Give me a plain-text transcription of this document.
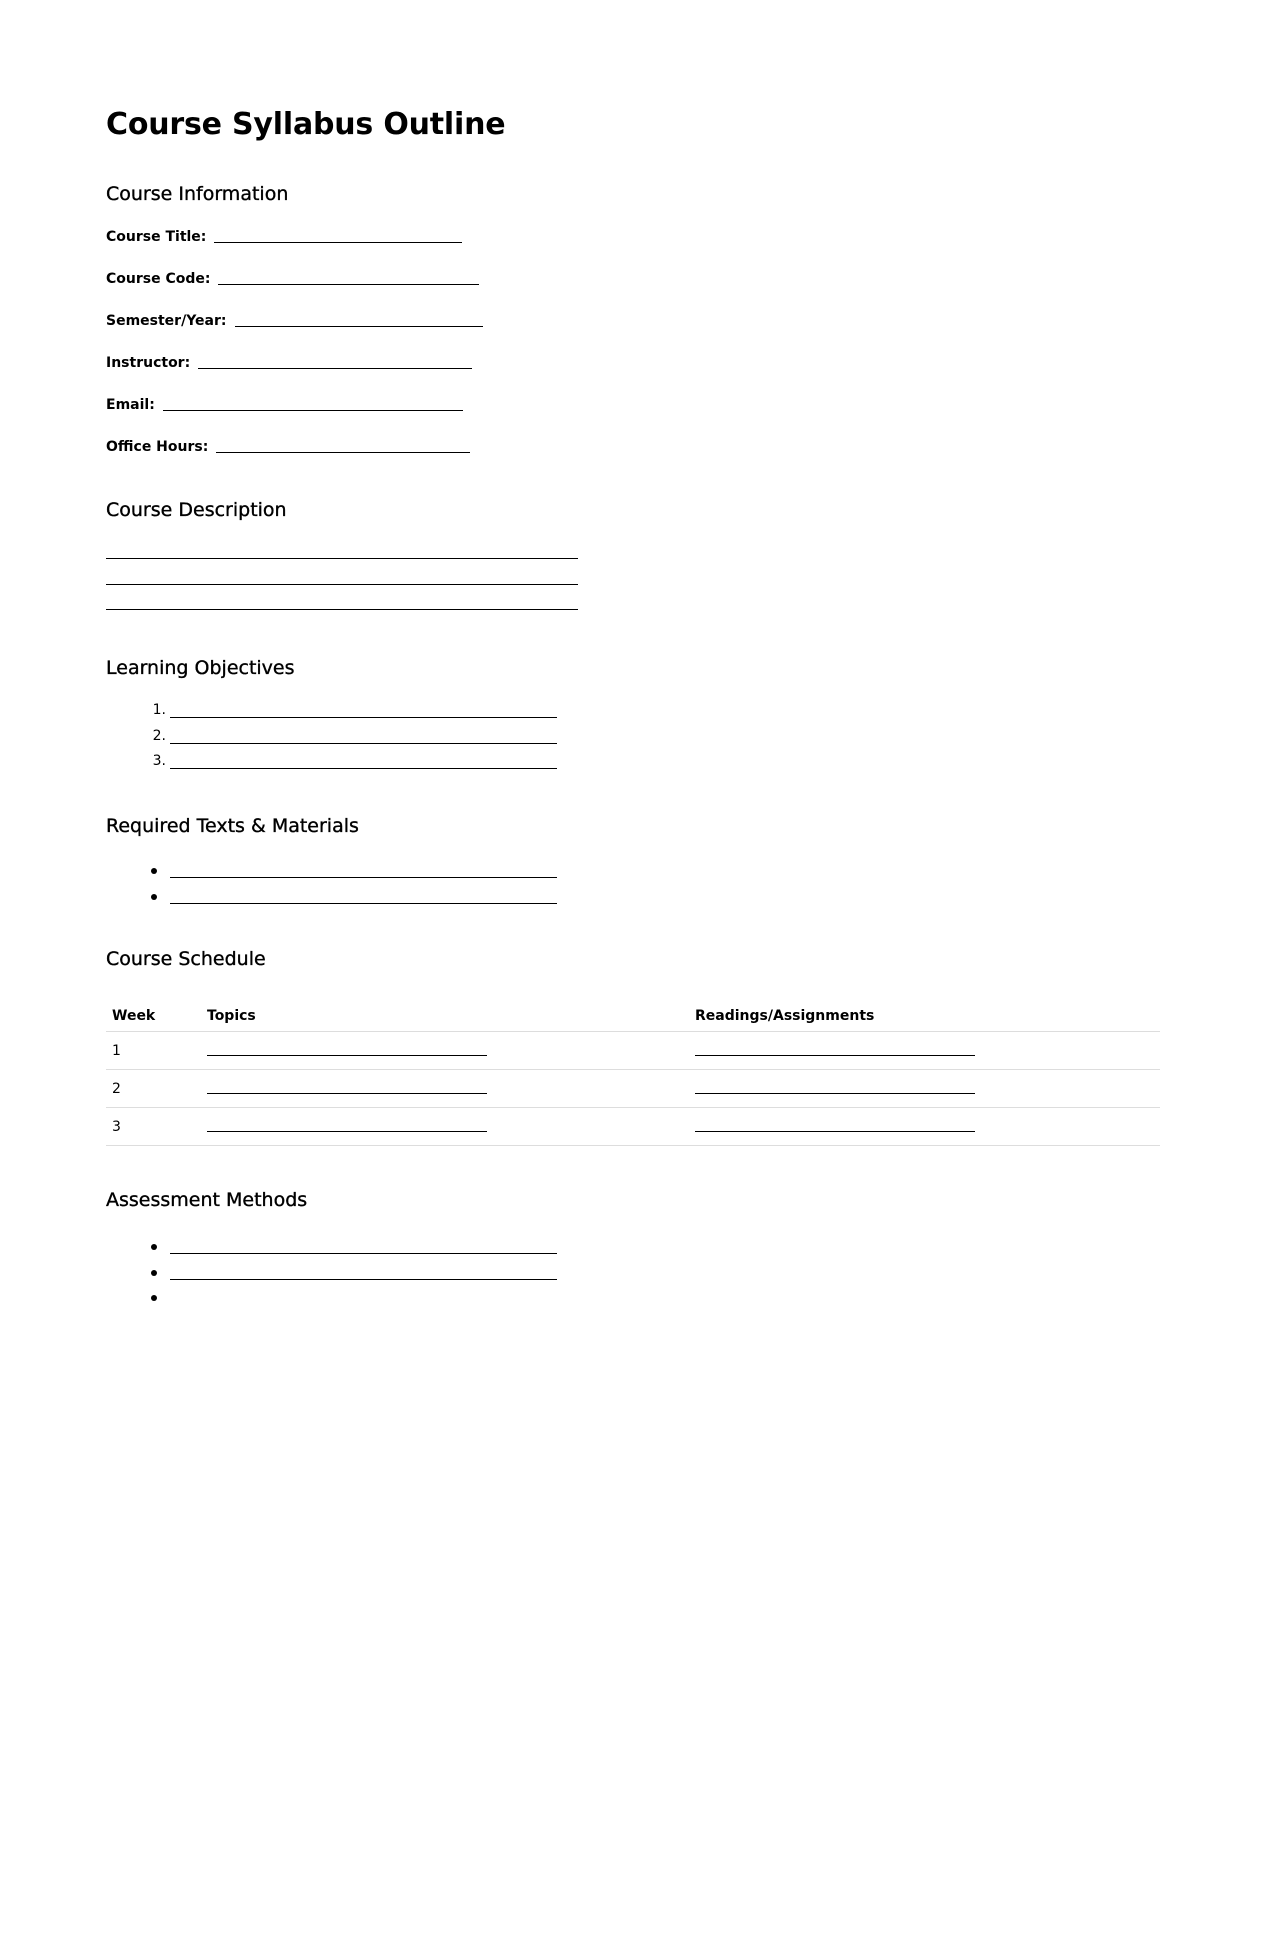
Course Syllabus Outline
Course Information
Course Title:
Course Code:
Semester/Year:
Instructor:
Email:
Office Hours:
Course Description
Learning Objectives
1.
2.
3.
Required Texts & Materials
Course Schedule
Week	Topics	Readings/Assignments
1		
2		
3		
Assessment Methods
